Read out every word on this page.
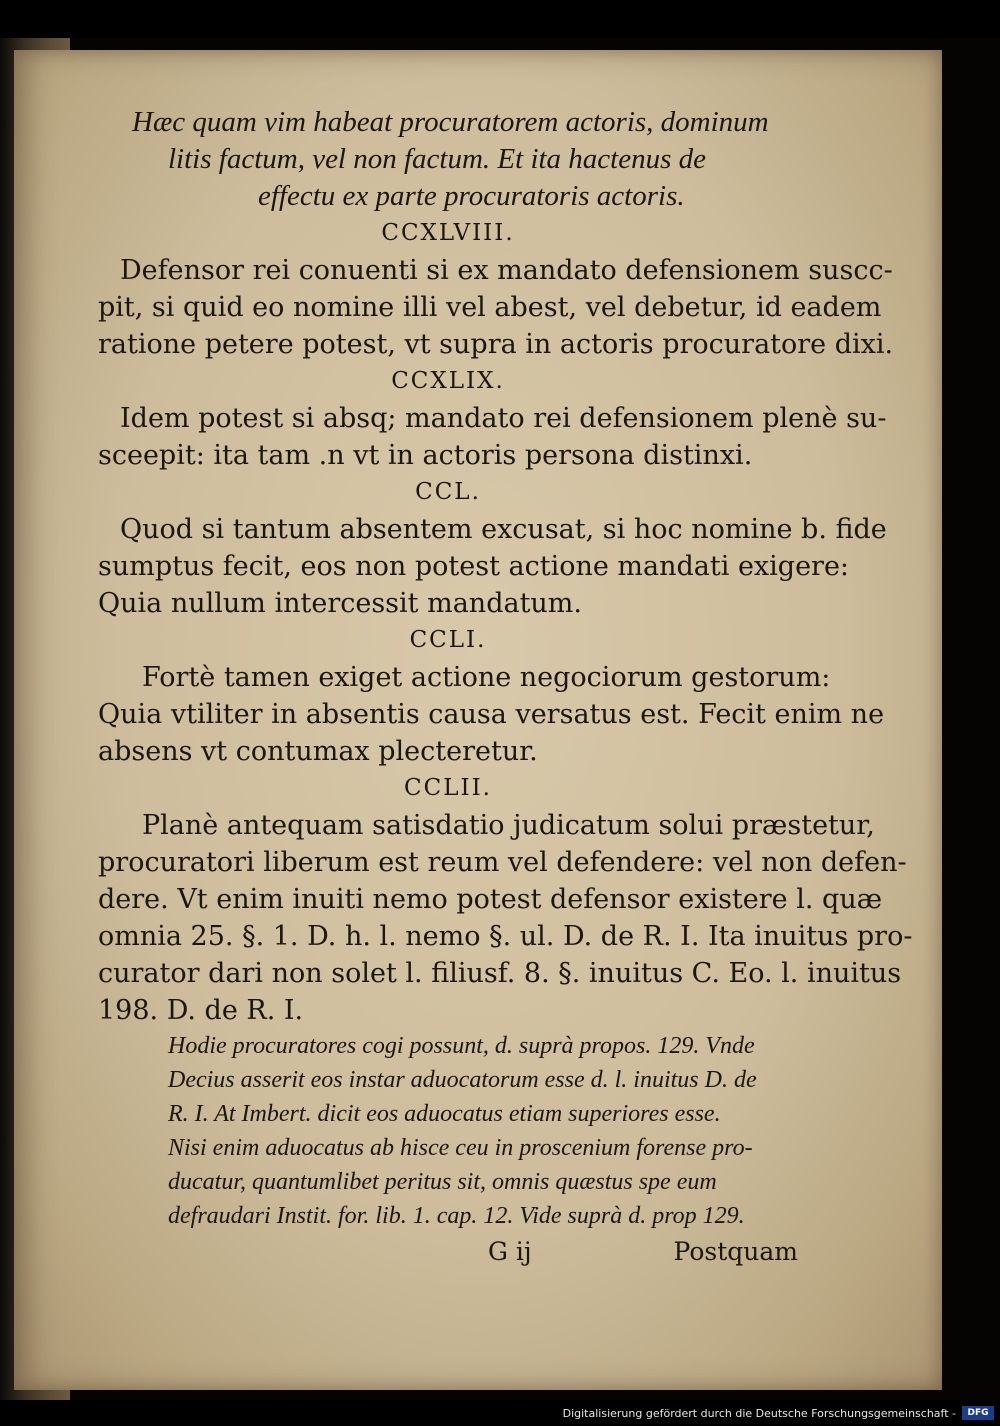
Hæc quam vim habeat procuratorem actoris, dominum
litis factum, vel non factum. Et ita hactenus de
effectu ex parte procuratoris actoris.
CCXLVIII.
Defensor rei conuenti si ex mandato defensionem suscc-
pit, si quid eo nomine illi vel abest, vel debetur, id eadem
ratione petere potest, vt supra in actoris procuratore dixi.
CCXLIX.
Idem potest si absq; mandato rei defensionem plenè su-
sceepit: ita tam .n vt in actoris persona distinxi.
CCL.
Quod si tantum absentem excusat, si hoc nomine b. fide
sumptus fecit, eos non potest actione mandati exigere:
Quia nullum intercessit mandatum.
CCLI.
Fortè tamen exiget actione negociorum gestorum:
Quia vtiliter in absentis causa versatus est. Fecit enim ne
absens vt contumax plecteretur.
CCLII.
Planè antequam satisdatio judicatum solui præstetur,
procuratori liberum est reum vel defendere: vel non defen-
dere. Vt enim inuiti nemo potest defensor existere l. quæ
omnia 25. §. 1. D. h. l. nemo §. ul. D. de R. I. Ita inuitus pro-
curator dari non solet l. filiusf. 8. §. inuitus C. Eo. l. inuitus
198. D. de R. I.
Hodie procuratores cogi possunt, d. suprà propos. 129. Vnde
Decius asserit eos instar aduocatorum esse d. l. inuitus D. de
R. I. At Imbert. dicit eos aduocatus etiam superiores esse.
Nisi enim aduocatus ab hisce ceu in proscenium forense pro-
ducatur, quantumlibet peritus sit, omnis quæstus spe eum
defraudari Instit. for. lib. 1. cap. 12. Vide suprà d. prop 129.
G ij	Postquam
Digitalisierung gefördert durch die Deutsche Forschungsgemeinschaft -	DFG
